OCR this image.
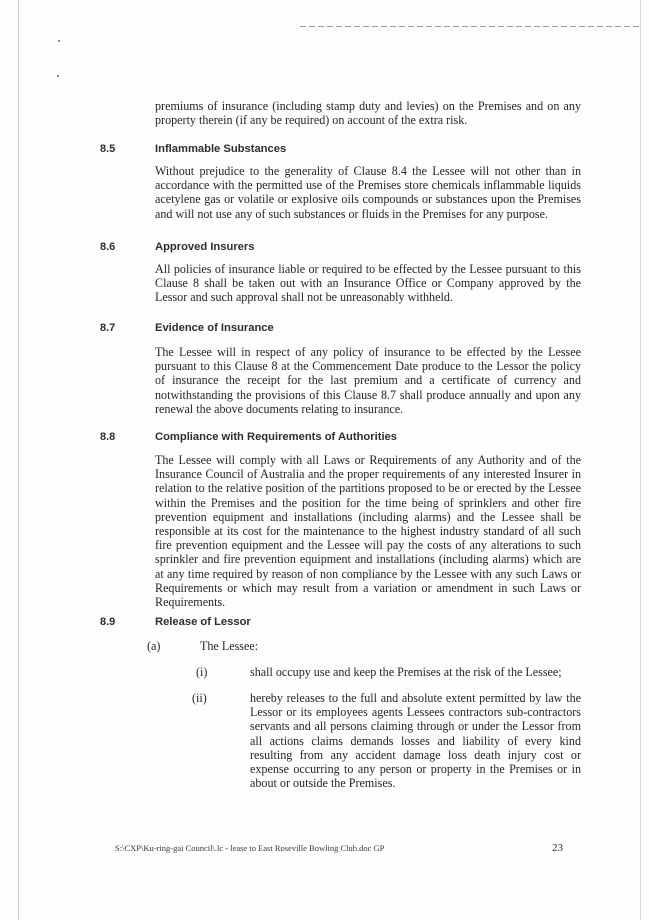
premiums of insurance (including stamp duty and levies) on the Premises and on any property therein (if any be required) on account of the extra risk.

8.5	Inflammable Substances

Without prejudice to the generality of Clause 8.4 the Lessee will not other than in accordance with the permitted use of the Premises store chemicals inflammable liquids acetylene gas or volatile or explosive oils compounds or substances upon the Premises and will not use any of such substances or fluids in the Premises for any purpose.

8.6	Approved Insurers

All policies of insurance liable or required to be effected by the Lessee pursuant to this Clause 8 shall be taken out with an Insurance Office or Company approved by the Lessor and such approval shall not be unreasonably withheld.

8.7	Evidence of Insurance

The Lessee will in respect of any policy of insurance to be effected by the Lessee pursuant to this Clause 8 at the Commencement Date produce to the Lessor the policy of insurance the receipt for the last premium and a certificate of currency and notwithstanding the provisions of this Clause 8.7 shall produce annually and upon any renewal the above documents relating to insurance.

8.8	Compliance with Requirements of Authorities

The Lessee will comply with all Laws or Requirements of any Authority and of the Insurance Council of Australia and the proper requirements of any interested Insurer in relation to the relative position of the partitions proposed to be or erected by the Lessee within the Premises and the position for the time being of sprinklers and other fire prevention equipment and installations (including alarms) and the Lessee shall be responsible at its cost for the maintenance to the highest industry standard of all such fire prevention equipment and the Lessee will pay the costs of any alterations to such sprinkler and fire prevention equipment and installations (including alarms) which are at any time required by reason of non compliance by the Lessee with any such Laws or Requirements or which may result from a variation or amendment in such Laws or Requirements.

8.9	Release of Lessor
(a)	The Lessee:
(i)	shall occupy use and keep the Premises at the risk of the Lessee;
(ii)	hereby releases to the full and absolute extent permitted by law the Lessor or its employees agents Lessees contractors sub-contractors servants and all persons claiming through or under the Lessor from all actions claims demands losses and liability of every kind resulting from any accident damage loss death injury cost or expense occurring to any person or property in the Premises or in about or outside the Premises.

S:\CXP\Ku-ring-gai Council\.lc - lease to East Roseville Bowling Club.doc GP	23
